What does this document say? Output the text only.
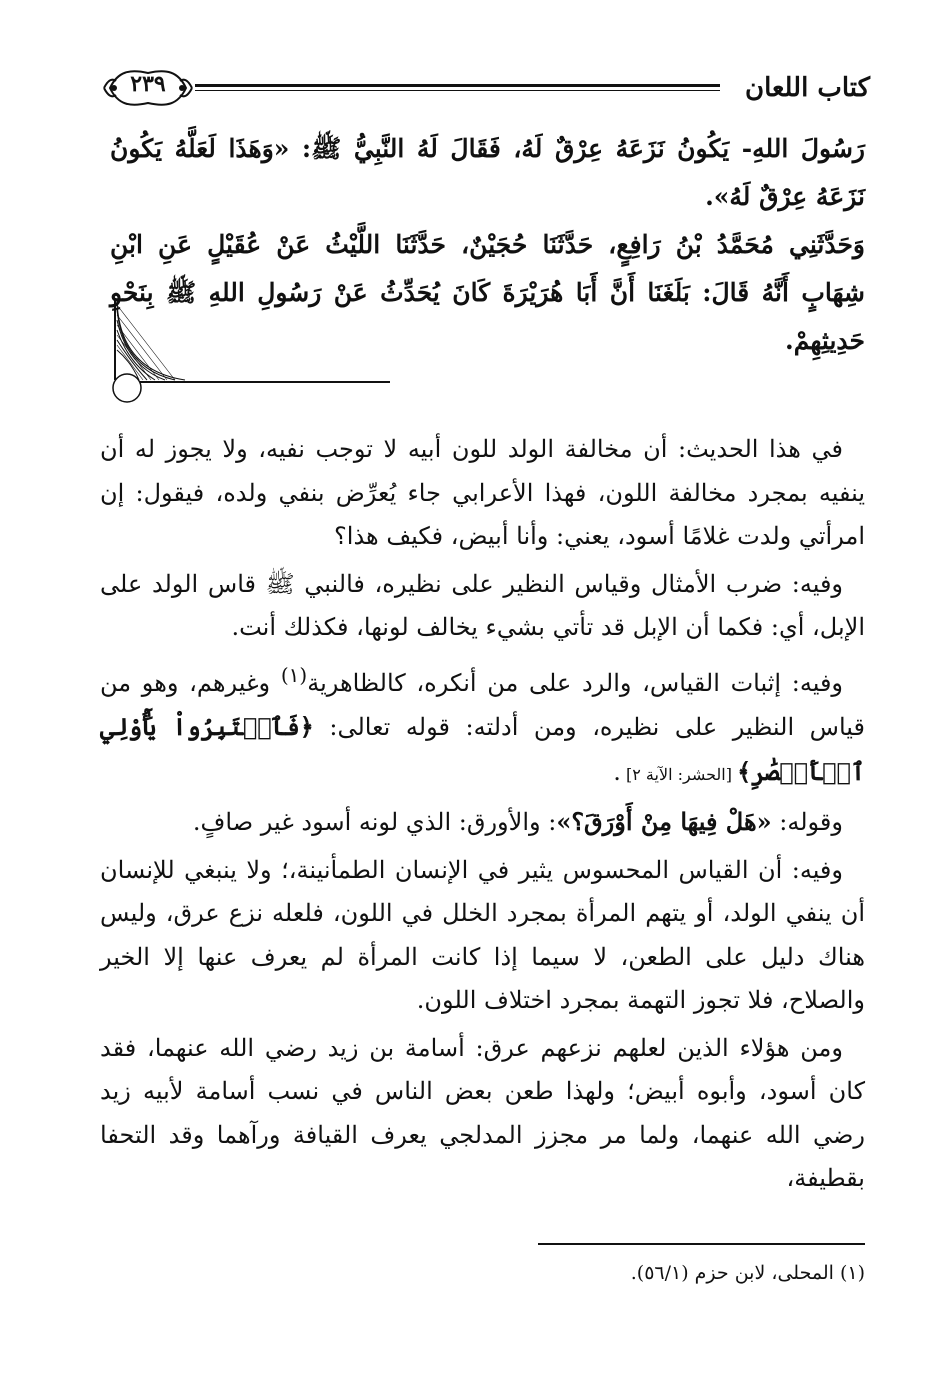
كتاب اللعان
٢٣٩

رَسُولَ اللهِ- يَكُونُ نَزَعَهُ عِرْقٌ لَهُ، فَقَالَ لَهُ النَّبِيُّ ﷺ: «وَهَذَا لَعَلَّهُ يَكُونُ نَزَعَهُ عِرْقٌ لَهُ».

وَحَدَّثَنِي مُحَمَّدُ بْنُ رَافِعٍ، حَدَّثَنَا حُجَيْنٌ، حَدَّثَنَا اللَّيْثُ عَنْ عُقَيْلٍ عَنِ ابْنِ شِهَابٍ أَنَّهُ قَالَ: بَلَغَنَا أَنَّ أَبَا هُرَيْرَةَ كَانَ يُحَدِّثُ عَنْ رَسُولِ اللهِ ﷺ بِنَحْوِ حَدِيثِهِمْ.

في هذا الحديث: أن مخالفة الولد للون أبيه لا توجب نفيه، ولا يجوز له أن ينفيه بمجرد مخالفة اللون، فهذا الأعرابي جاء يُعرِّض بنفي ولده، فيقول: إن امرأتي ولدت غلامًا أسود، يعني: وأنا أبيض، فكيف هذا؟

وفيه: ضرب الأمثال وقياس النظير على نظيره، فالنبي ﷺ قاس الولد على الإبل، أي: فكما أن الإبل قد تأتي بشيء يخالف لونها، فكذلك أنت.

وفيه: إثبات القياس، والرد على من أنكره، كالظاهرية$^{(١)}$ وغيرهم، وهو من قياس النظير على نظيره، ومن أدلته: قوله تعالى: ﴿فَٱعۡتَبِرُواْ يَٰٓأُوْلِي ٱلۡأَبۡصَٰرِ﴾ [الحشر: الآية ٢] .

وقوله: «هَلْ فِيهَا مِنْ أَوْرَقَ؟»: والأورق: الذي لونه أسود غير صافٍ.

وفيه: أن القياس المحسوس يثير في الإنسان الطمأنينة،؛ ولا ينبغي للإنسان أن ينفي الولد، أو يتهم المرأة بمجرد الخلل في اللون، فلعله نزع عرق، وليس هناك دليل على الطعن، لا سيما إذا كانت المرأة لم يعرف عنها إلا الخير والصلاح، فلا تجوز التهمة بمجرد اختلاف اللون.

ومن هؤلاء الذين لعلهم نزعهم عرق: أسامة بن زيد رضي الله عنهما، فقد كان أسود، وأبوه أبيض؛ ولهذا طعن بعض الناس في نسب أسامة لأبيه زيد رضي الله عنهما، ولما مر مجزز المدلجي يعرف القيافة ورآهما وقد التحفا بقطيفة،

(١) المحلى، لابن حزم (٥٦/١).
